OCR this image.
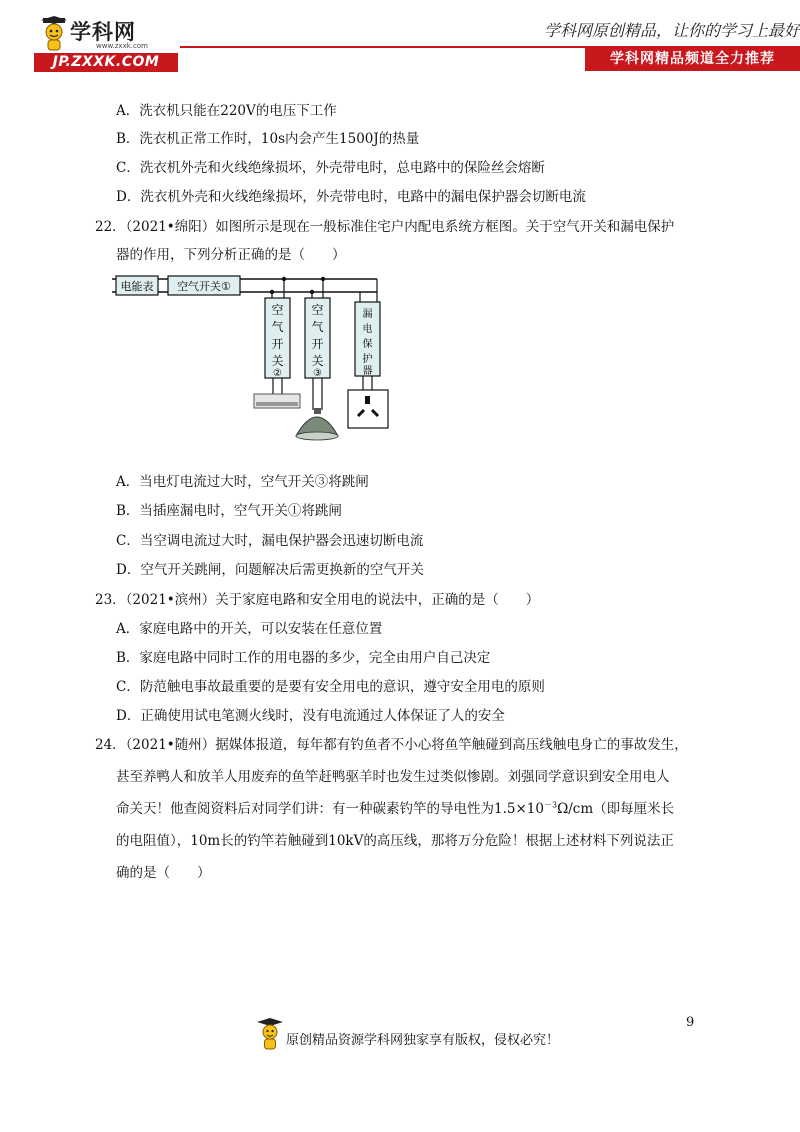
学科网
www.zxxk.com
JP.ZXXK.COM
学科网原创精品，让你的学习上最好
学科网精品频道全力推荐
A．洗衣机只能在220V的电压下工作
B．洗衣机正常工作时，10s内会产生1500J的热量
C．洗衣机外壳和火线绝缘损坏，外壳带电时，总电路中的保险丝会熔断
D．洗衣机外壳和火线绝缘损坏，外壳带电时，电路中的漏电保护器会切断电流
22．（2021•绵阳）如图所示是现在一般标准住宅户内配电系统方框图。关于空气开关和漏电保护
器的作用，下列分析正确的是（　　）
电能表 空气开关①
空
气
开
关
②
空
气
开
关
③
漏
电
保
护
器
A．当电灯电流过大时，空气开关③将跳闸
B．当插座漏电时，空气开关①将跳闸
C．当空调电流过大时，漏电保护器会迅速切断电流
D．空气开关跳闸，问题解决后需更换新的空气开关
23．（2021•滨州）关于家庭电路和安全用电的说法中，正确的是（　　）
A．家庭电路中的开关，可以安装在任意位置
B．家庭电路中同时工作的用电器的多少，完全由用户自己决定
C．防范触电事故最重要的是要有安全用电的意识，遵守安全用电的原则
D．正确使用试电笔测火线时，没有电流通过人体保证了人的安全
24．（2021•随州）据媒体报道，每年都有钓鱼者不小心将鱼竿触碰到高压线触电身亡的事故发生，
甚至养鸭人和放羊人用废弃的鱼竿赶鸭驱羊时也发生过类似惨剧。刘强同学意识到安全用电人
命关天！他查阅资料后对同学们讲：有一种碳素钓竿的导电性为$1.5\times 10^{-3}\Omega/cm$（即每厘米长
的电阻值），10m长的钓竿若触碰到10kV的高压线，那将万分危险！根据上述材料下列说法正
确的是（　　）
9
原创精品资源学科网独家享有版权，侵权必究！
